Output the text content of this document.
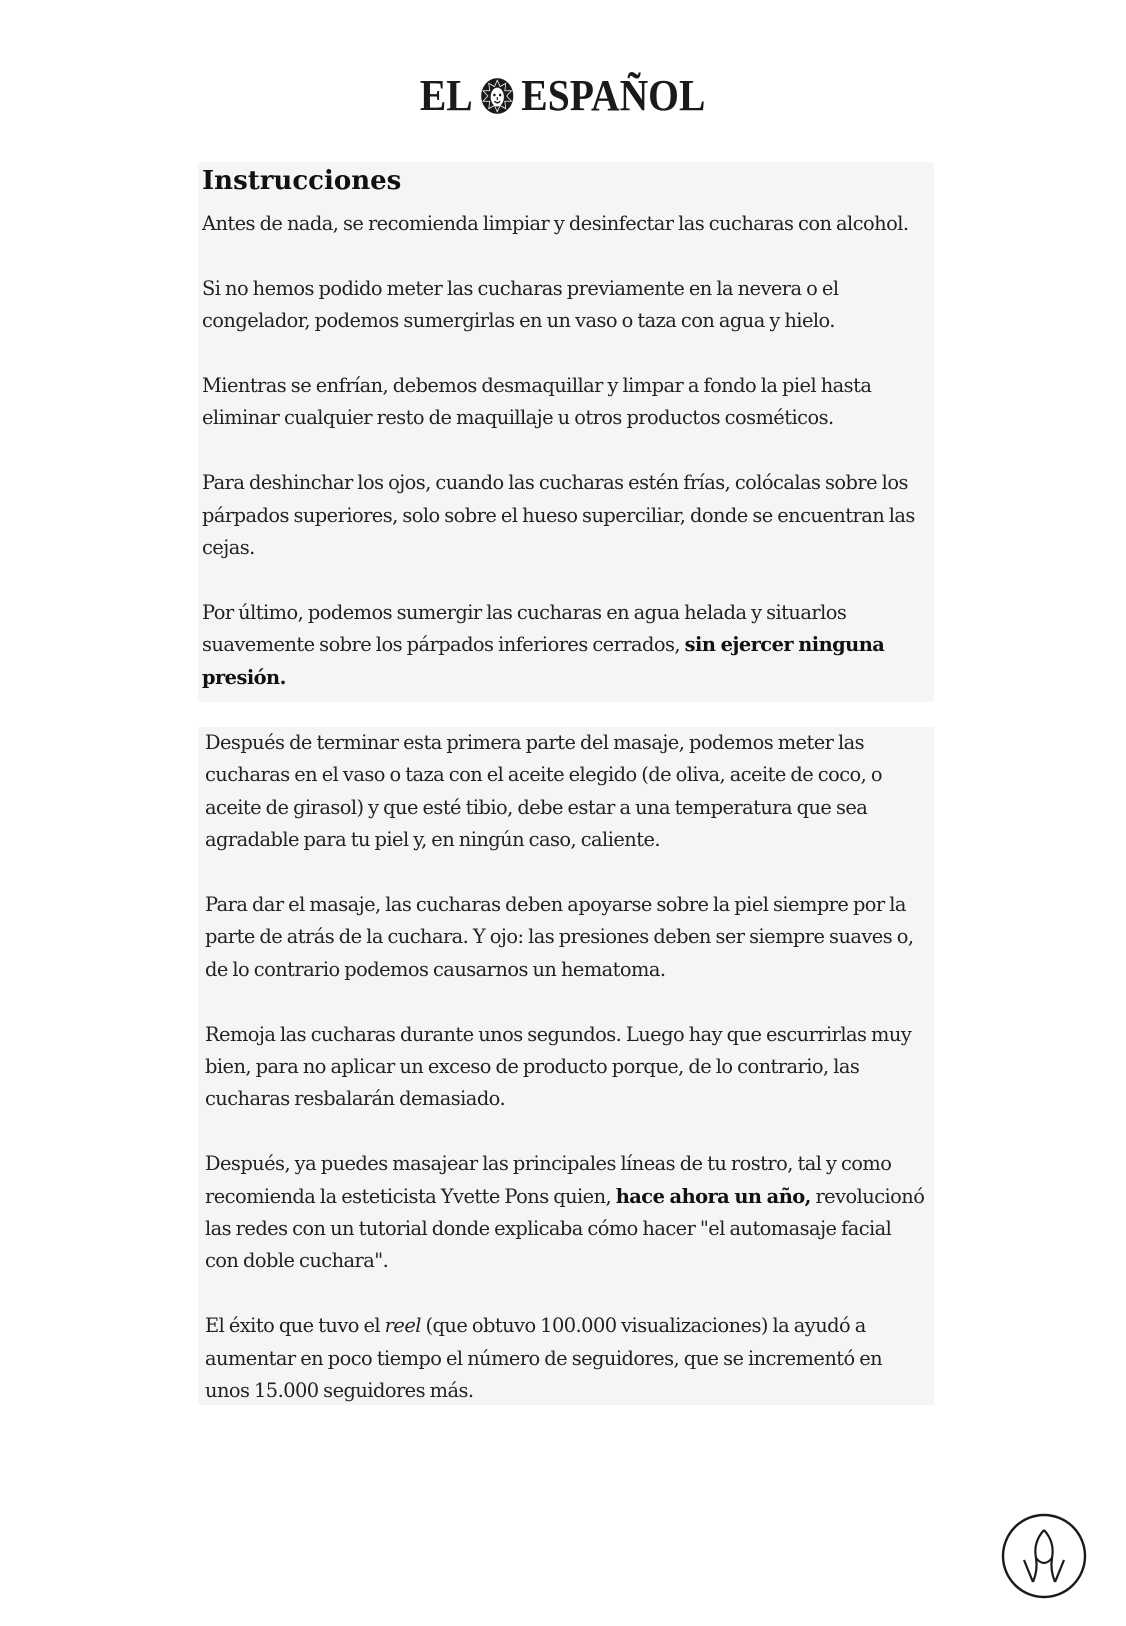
EL ESPAÑOL
Instrucciones

Antes de nada, se recomienda limpiar y desinfectar las cucharas con alcohol.

Si no hemos podido meter las cucharas previamente en la nevera o el congelador, podemos sumergirlas en un vaso o taza con agua y hielo.

Mientras se enfrían, debemos desmaquillar y limpar a fondo la piel hasta eliminar cualquier resto de maquillaje u otros productos cosméticos.

Para deshinchar los ojos, cuando las cucharas estén frías, colócalas sobre los párpados superiores, solo sobre el hueso superciliar, donde se encuentran las cejas.

Por último, podemos sumergir las cucharas en agua helada y situarlos suavemente sobre los párpados inferiores cerrados, sin ejercer ninguna presión.

Después de terminar esta primera parte del masaje, podemos meter las cucharas en el vaso o taza con el aceite elegido (de oliva, aceite de coco, o aceite de girasol) y que esté tibio, debe estar a una temperatura que sea agradable para tu piel y, en ningún caso, caliente.

Para dar el masaje, las cucharas deben apoyarse sobre la piel siempre por la parte de atrás de la cuchara. Y ojo: las presiones deben ser siempre suaves o, de lo contrario podemos causarnos un hematoma.

Remoja las cucharas durante unos segundos. Luego hay que escurrirlas muy bien, para no aplicar un exceso de producto porque, de lo contrario, las cucharas resbalarán demasiado.

Después, ya puedes masajear las principales líneas de tu rostro, tal y como recomienda la esteticista Yvette Pons quien, hace ahora un año, revolucionó las redes con un tutorial donde explicaba cómo hacer "el automasaje facial con doble cuchara".

El éxito que tuvo el reel (que obtuvo 100.000 visualizaciones) la ayudó a aumentar en poco tiempo el número de seguidores, que se incrementó en unos 15.000 seguidores más.
